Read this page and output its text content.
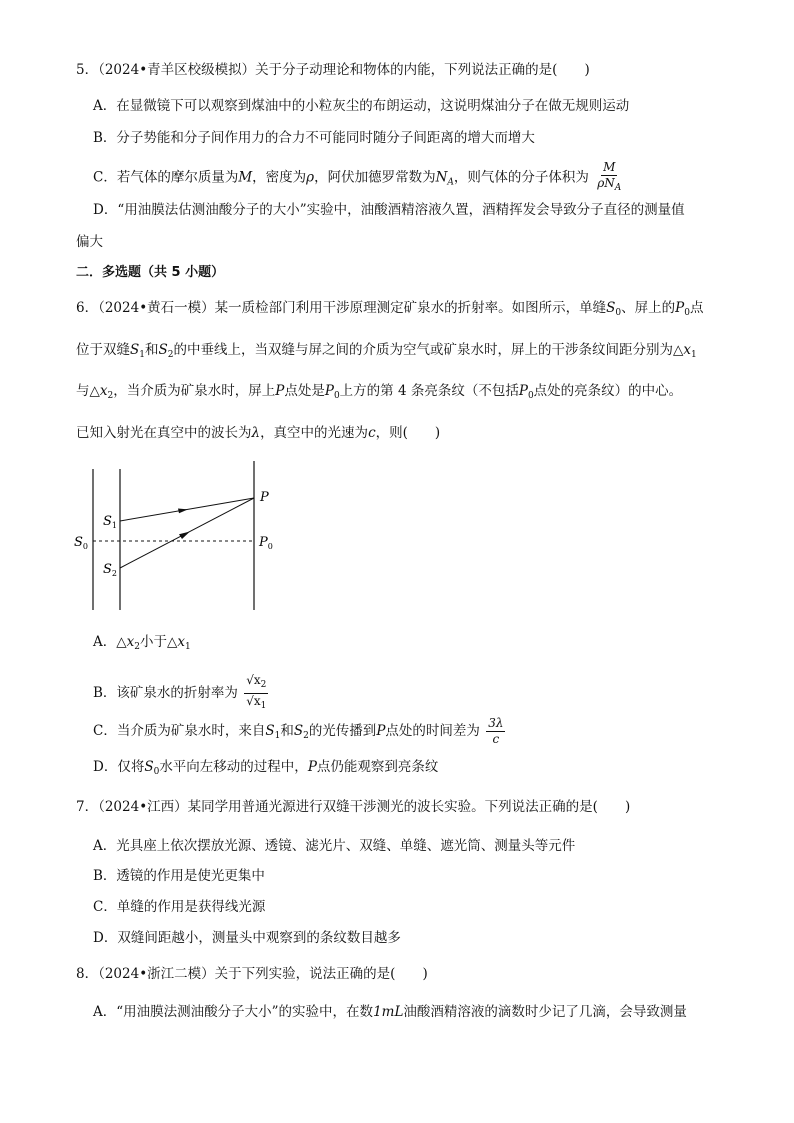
5．（2024•青羊区校级模拟）关于分子动理论和物体的内能，下列说法正确的是(　　)
A．在显微镜下可以观察到煤油中的小粒灰尘的布朗运动，这说明煤油分子在做无规则运动
B．分子势能和分子间作用力的合力不可能同时随分子间距离的增大而增大
C．若气体的摩尔质量为M，密度为ρ，阿伏加德罗常数为$N_A$，则气体的分子体积为 $\frac{M}{\rho N_A}$
D．“用油膜法估测油酸分子的大小”实验中，油酸酒精溶液久置，酒精挥发会导致分子直径的测量值
偏大
二．多选题（共 5 小题）
6．（2024•黄石一模）某一质检部门利用干涉原理测定矿泉水的折射率。如图所示，单缝$S_0$、屏上的$P_0$点
位于双缝$S_1$和$S_2$的中垂线上，当双缝与屏之间的介质为空气或矿泉水时，屏上的干涉条纹间距分别为$\triangle x_1$
与$\triangle x_2$，当介质为矿泉水时，屏上P点处是$P_0$上方的第 4 条亮条纹（不包括$P_0$点处的亮条纹）的中心。
已知入射光在真空中的波长为λ，真空中的光速为c，则(　　)
P
$P_0$
$S_0$
$S_1$
$S_2$
A．$\triangle x_2$小于$\triangle x_1$
B．该矿泉水的折射率为 $\frac{√x_2}{√x_1}$
C．当介质为矿泉水时，来自$S_1$和$S_2$的光传播到P点处的时间差为 $\frac{3\lambda}{c}$
D．仅将$S_0$水平向左移动的过程中，P点仍能观察到亮条纹
7．（2024•江西）某同学用普通光源进行双缝干涉测光的波长实验。下列说法正确的是(　　)
A．光具座上依次摆放光源、透镜、滤光片、双缝、单缝、遮光筒、测量头等元件
B．透镜的作用是使光更集中
C．单缝的作用是获得线光源
D．双缝间距越小，测量头中观察到的条纹数目越多
8．（2024•浙江二模）关于下列实验，说法正确的是(　　)
A．“用油膜法测油酸分子大小”的实验中，在数1mL油酸酒精溶液的滴数时少记了几滴，会导致测量
